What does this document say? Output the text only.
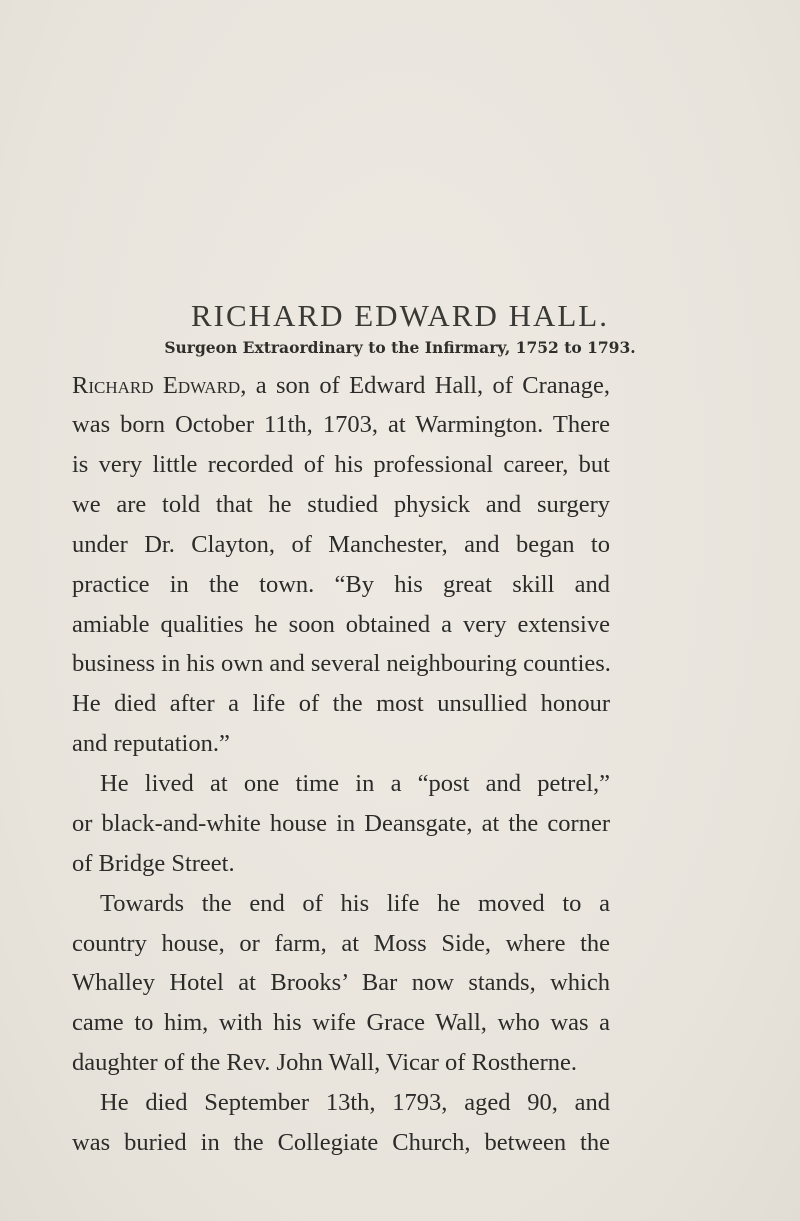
RICHARD EDWARD HALL.
Surgeon Extraordinary to the Infirmary, 1752 to 1793.
Richard Edward, a son of Edward Hall, of Cranage,
was born October 11th, 1703, at Warmington. There
is very little recorded of his professional career, but
we are told that he studied physick and surgery
under Dr. Clayton, of Manchester, and began to
practice in the town. “By his great skill and
amiable qualities he soon obtained a very extensive
business in his own and several neighbouring counties.
He died after a life of the most unsullied honour
and reputation.”
He lived at one time in a “post and petrel,”
or black-and-white house in Deansgate, at the corner
of Bridge Street.
Towards the end of his life he moved to a
country house, or farm, at Moss Side, where the
Whalley Hotel at Brooks’ Bar now stands, which
came to him, with his wife Grace Wall, who was a
daughter of the Rev. John Wall, Vicar of Rostherne.
He died September 13th, 1793, aged 90, and
was buried in the Collegiate Church, between the
